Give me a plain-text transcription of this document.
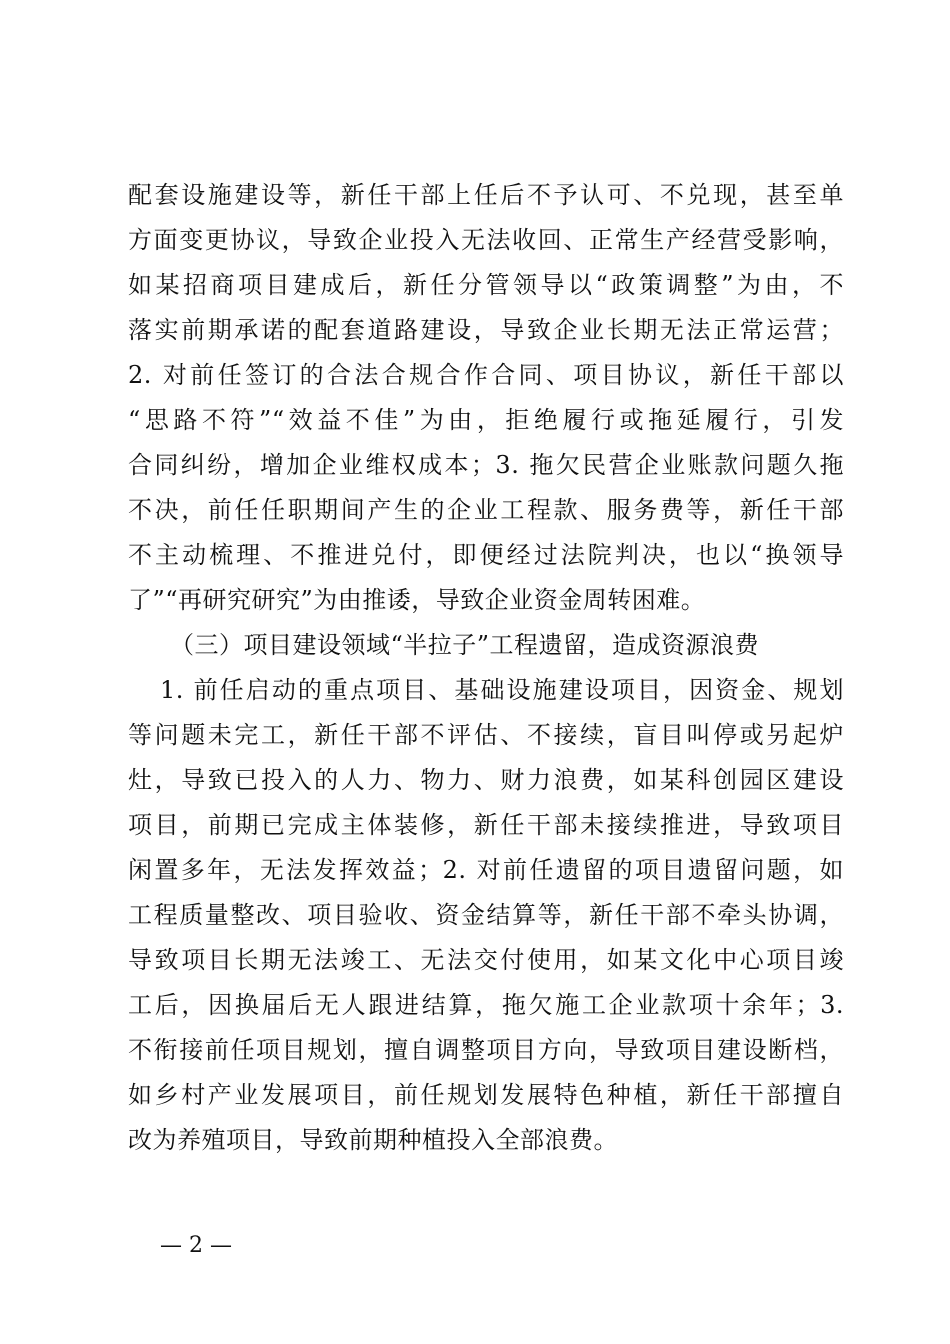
配套设施建设等，新任干部上任后不予认可、不兑现，甚至单
方面变更协议，导致企业投入无法收回、正常生产经营受影响，
如某招商项目建成后，新任分管领导以“政策调整”为由，不
落实前期承诺的配套道路建设，导致企业长期无法正常运营；
2. 对前任签订的合法合规合作合同、项目协议，新任干部以
“思路不符”“效益不佳”为由，拒绝履行或拖延履行，引发
合同纠纷，增加企业维权成本；3. 拖欠民营企业账款问题久拖
不决，前任任职期间产生的企业工程款、服务费等，新任干部
不主动梳理、不推进兑付，即便经过法院判决，也以“换领导
了”“再研究研究”为由推诿，导致企业资金周转困难。
（三）项目建设领域“半拉子”工程遗留，造成资源浪费
1. 前任启动的重点项目、基础设施建设项目，因资金、规划
等问题未完工，新任干部不评估、不接续，盲目叫停或另起炉
灶，导致已投入的人力、物力、财力浪费，如某科创园区建设
项目，前期已完成主体装修，新任干部未接续推进，导致项目
闲置多年，无法发挥效益；2. 对前任遗留的项目遗留问题，如
工程质量整改、项目验收、资金结算等，新任干部不牵头协调，
导致项目长期无法竣工、无法交付使用，如某文化中心项目竣
工后，因换届后无人跟进结算，拖欠施工企业款项十余年；3.
不衔接前任项目规划，擅自调整项目方向，导致项目建设断档，
如乡村产业发展项目，前任规划发展特色种植，新任干部擅自
改为养殖项目，导致前期种植投入全部浪费。
— 2 —
